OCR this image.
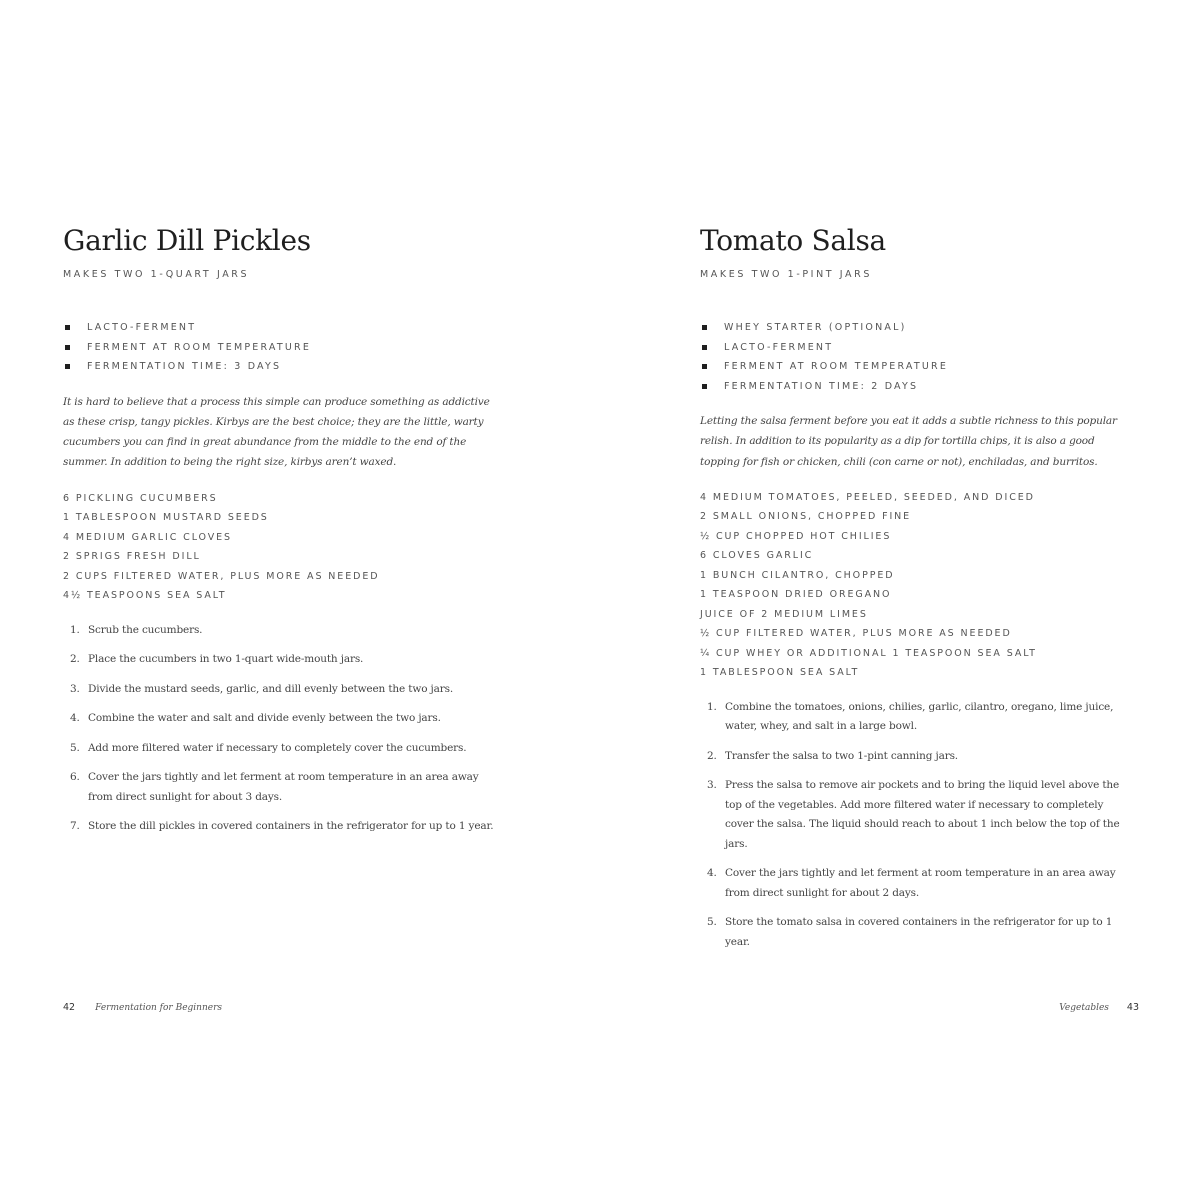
Garlic Dill Pickles
MAKES TWO 1-QUART JARS
LACTO-FERMENT
FERMENT AT ROOM TEMPERATURE
FERMENTATION TIME: 3 DAYS

It is hard to believe that a process this simple can produce something as addictive as these crisp, tangy pickles. Kirbys are the best choice; they are the little, warty cucumbers you can find in great abundance from the middle to the end of the summer. In addition to being the right size, kirbys aren’t waxed.

6 PICKLING CUCUMBERS
1 TABLESPOON MUSTARD SEEDS
4 MEDIUM GARLIC CLOVES
2 SPRIGS FRESH DILL
2 CUPS FILTERED WATER, PLUS MORE AS NEEDED
4½ TEASPOONS SEA SALT
1. Scrub the cucumbers.
2. Place the cucumbers in two 1-quart wide-mouth jars.
3. Divide the mustard seeds, garlic, and dill evenly between the two jars.
4. Combine the water and salt and divide evenly between the two jars.
5. Add more filtered water if necessary to completely cover the cucumbers.
6. Cover the jars tightly and let ferment at room temperature in an area away from direct sunlight for about 3 days.
7. Store the dill pickles in covered containers in the refrigerator for up to 1 year.
42 Fermentation for Beginners
Tomato Salsa
MAKES TWO 1-PINT JARS
WHEY STARTER (OPTIONAL)
LACTO-FERMENT
FERMENT AT ROOM TEMPERATURE
FERMENTATION TIME: 2 DAYS

Letting the salsa ferment before you eat it adds a subtle richness to this popular relish. In addition to its popularity as a dip for tortilla chips, it is also a good topping for fish or chicken, chili (con carne or not), enchiladas, and burritos.

4 MEDIUM TOMATOES, PEELED, SEEDED, AND DICED
2 SMALL ONIONS, CHOPPED FINE
½ CUP CHOPPED HOT CHILIES
6 CLOVES GARLIC
1 BUNCH CILANTRO, CHOPPED
1 TEASPOON DRIED OREGANO
JUICE OF 2 MEDIUM LIMES
½ CUP FILTERED WATER, PLUS MORE AS NEEDED
¼ CUP WHEY OR ADDITIONAL 1 TEASPOON SEA SALT
1 TABLESPOON SEA SALT
1. Combine the tomatoes, onions, chilies, garlic, cilantro, oregano, lime juice, water, whey, and salt in a large bowl.
2. Transfer the salsa to two 1-pint canning jars.
3. Press the salsa to remove air pockets and to bring the liquid level above the top of the vegetables. Add more filtered water if necessary to completely cover the salsa. The liquid should reach to about 1 inch below the top of the jars.
4. Cover the jars tightly and let ferment at room temperature in an area away from direct sunlight for about 2 days.
5. Store the tomato salsa in covered containers in the refrigerator for up to 1 year.
Vegetables 43
